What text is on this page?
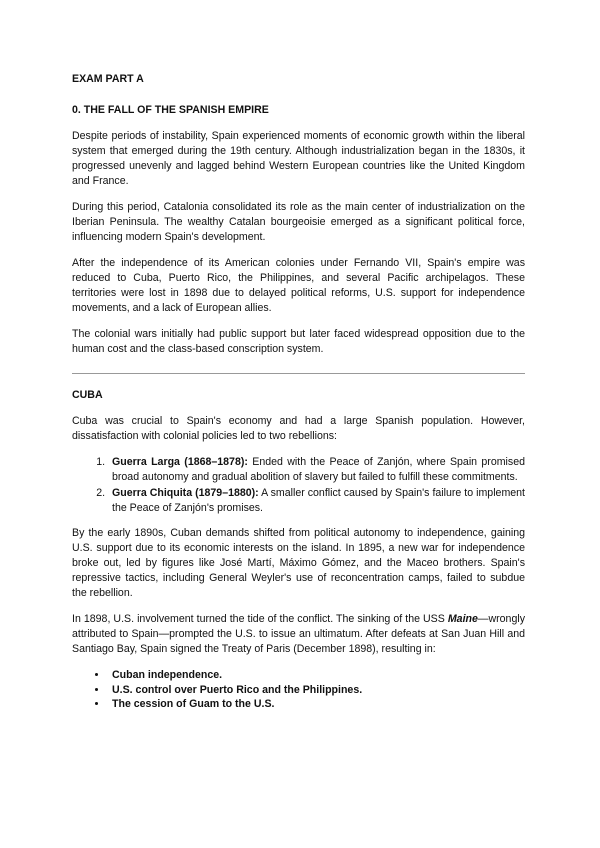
EXAM PART A
0. THE FALL OF THE SPANISH EMPIRE

Despite periods of instability, Spain experienced moments of economic growth within the liberal system that emerged during the 19th century. Although industrialization began in the 1830s, it progressed unevenly and lagged behind Western European countries like the United Kingdom and France.

During this period, Catalonia consolidated its role as the main center of industrialization on the Iberian Peninsula. The wealthy Catalan bourgeoisie emerged as a significant political force, influencing modern Spain's development.

After the independence of its American colonies under Fernando VII, Spain's empire was reduced to Cuba, Puerto Rico, the Philippines, and several Pacific archipelagos. These territories were lost in 1898 due to delayed political reforms, U.S. support for independence movements, and a lack of European allies.

The colonial wars initially had public support but later faced widespread opposition due to the human cost and the class-based conscription system.

CUBA

Cuba was crucial to Spain's economy and had a large Spanish population. However, dissatisfaction with colonial policies led to two rebellions:

1. Guerra Larga (1868–1878): Ended with the Peace of Zanjón, where Spain promised broad autonomy and gradual abolition of slavery but failed to fulfill these commitments.
2. Guerra Chiquita (1879–1880): A smaller conflict caused by Spain's failure to implement the Peace of Zanjón's promises.

By the early 1890s, Cuban demands shifted from political autonomy to independence, gaining U.S. support due to its economic interests on the island. In 1895, a new war for independence broke out, led by figures like José Martí, Máximo Gómez, and the Maceo brothers. Spain's repressive tactics, including General Weyler's use of reconcentration camps, failed to subdue the rebellion.

In 1898, U.S. involvement turned the tide of the conflict. The sinking of the USS Maine—wrongly attributed to Spain—prompted the U.S. to issue an ultimatum. After defeats at San Juan Hill and Santiago Bay, Spain signed the Treaty of Paris (December 1898), resulting in:

• Cuban independence.
• U.S. control over Puerto Rico and the Philippines.
• The cession of Guam to the U.S.
